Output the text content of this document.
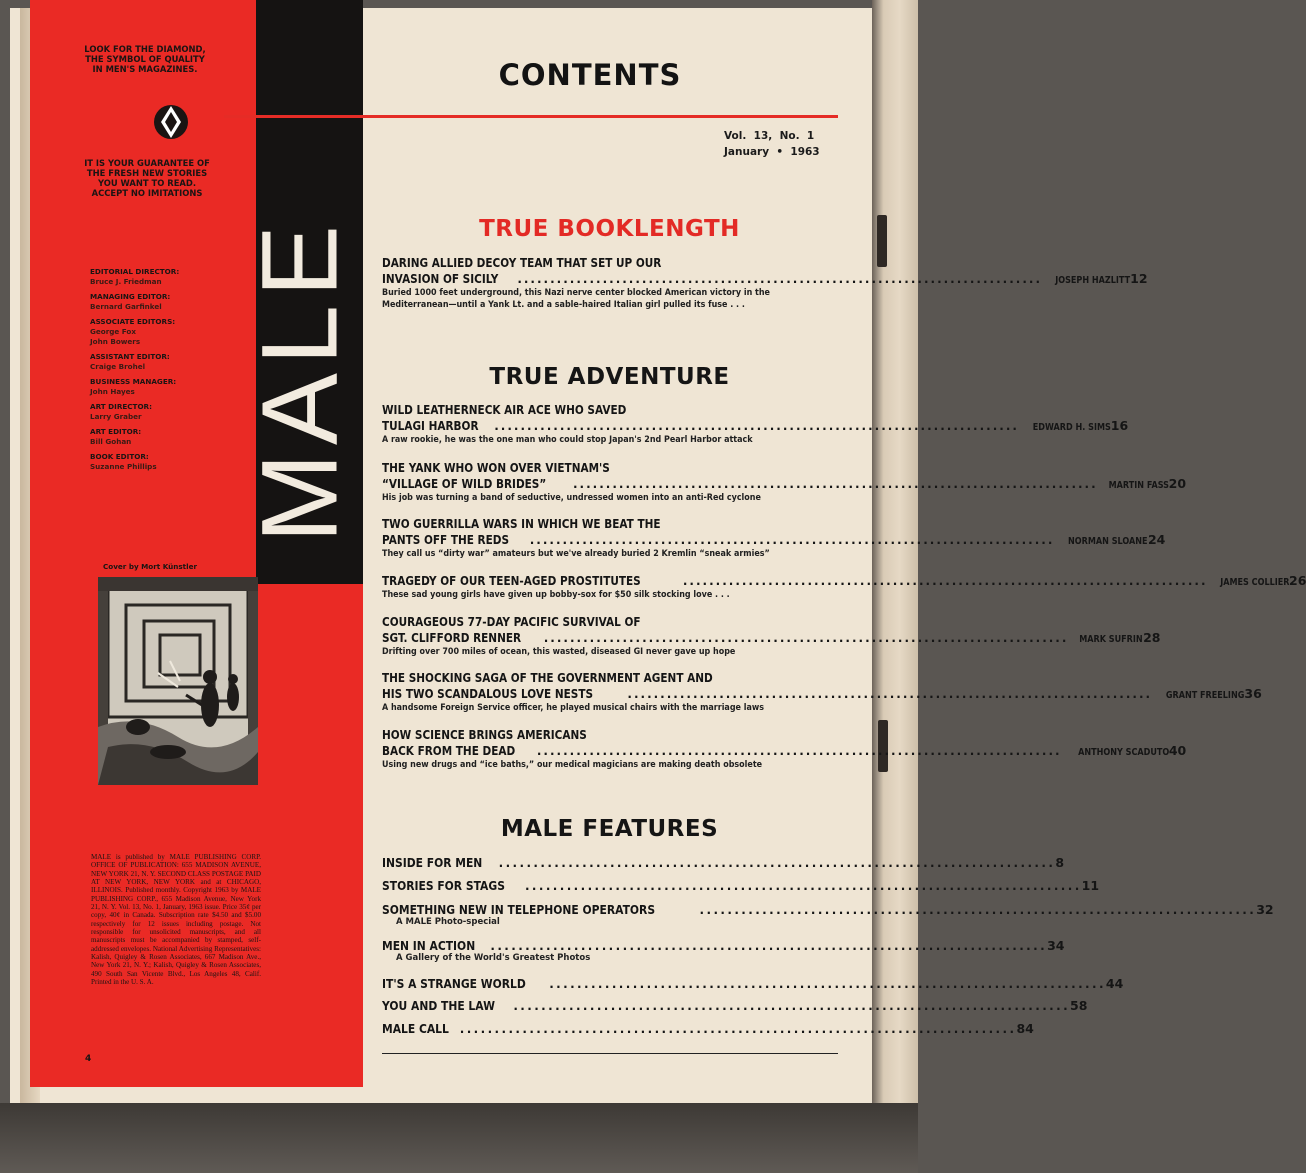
LOOK FOR THE DIAMOND,
THE SYMBOL OF QUALITY
IN MEN'S MAGAZINES.
IT IS YOUR GUARANTEE OF
THE FRESH NEW STORIES
YOU WANT TO READ.
ACCEPT NO IMITATIONS
MALE
EDITORIAL DIRECTOR:
Bruce J. Friedman
MANAGING EDITOR:
Bernard Garfinkel
ASSOCIATE EDITORS:
George Fox
John Bowers
ASSISTANT EDITOR:
Craige Brohel
BUSINESS MANAGER:
John Hayes
ART DIRECTOR:
Larry Graber
ART EDITOR:
Bill Gohan
BOOK EDITOR:
Suzanne Phillips
Cover by Mort Künstler
MALE is published by MALE PUBLISHING CORP. OFFICE OF PUBLICATION: 655 MADISON AVENUE, NEW YORK 21, N. Y. SECOND CLASS POSTAGE PAID AT NEW YORK, NEW YORK and at CHICAGO, ILLINOIS. Published monthly. Copyright 1963 by MALE PUBLISHING CORP., 655 Madison Avenue, New York 21, N. Y. Vol. 13, No. 1, January, 1963 issue. Price 35¢ per copy, 40¢ in Canada. Subscription rate $4.50 and $5.00 respectively for 12 issues including postage. Not responsible for unsolicited manuscripts, and all manuscripts must be accompanied by stamped, self-addressed envelopes. National Advertising Representatives: Kalish, Quigley & Rosen Associates, 667 Madison Ave., New York 21, N. Y.; Kalish, Quigley & Rosen Associates, 490 South San Vicente Blvd., Los Angeles 48, Calif. Printed in the U. S. A.
4
CONTENTS
Vol.  13,  No.  1
January  •  1963
TRUE BOOKLENGTH
DARING ALLIED DECOY TEAM THAT SET UP OUR
INVASION OF SICILY ................................................................................ JOSEPH HAZLITT 12
Buried 1000 feet underground, this Nazi nerve center blocked American victory in the
Mediterranean—until a Yank Lt. and a sable-haired Italian girl pulled its fuse . . .
TRUE ADVENTURE
WILD LEATHERNECK AIR ACE WHO SAVED
TULAGI HARBOR ................................................................................ EDWARD H. SIMS 16
A raw rookie, he was the one man who could stop Japan's 2nd Pearl Harbor attack
THE YANK WHO WON OVER VIETNAM'S
“VILLAGE OF WILD BRIDES” ................................................................................ MARTIN FASS 20
His job was turning a band of seductive, undressed women into an anti-Red cyclone
TWO GUERRILLA WARS IN WHICH WE BEAT THE
PANTS OFF THE REDS ................................................................................ NORMAN SLOANE 24
They call us “dirty war” amateurs but we've already buried 2 Kremlin “sneak armies”
TRAGEDY OF OUR TEEN-AGED PROSTITUTES	................................................................................ JAMES COLLIER 26
These sad young girls have given up bobby-sox for $50 silk stocking love . . .
COURAGEOUS 77-DAY PACIFIC SURVIVAL OF
SGT. CLIFFORD RENNER ................................................................................ MARK SUFRIN 28
Drifting over 700 miles of ocean, this wasted, diseased GI never gave up hope
THE SHOCKING SAGA OF THE GOVERNMENT AGENT AND
HIS TWO SCANDALOUS LOVE NESTS	................................................................................ GRANT FREELING 36
A handsome Foreign Service officer, he played musical chairs with the marriage laws
HOW SCIENCE BRINGS AMERICANS
BACK FROM THE DEAD ................................................................................ ANTHONY SCADUTO 40
Using new drugs and “ice baths,” our medical magicians are making death obsolete
MALE FEATURES
INSIDE FOR MEN ................................................................................ 8
STORIES FOR STAGS ................................................................................ 11
SOMETHING NEW IN TELEPHONE OPERATORS	................................................................................ 32
A MALE Photo-special
MEN IN ACTION ................................................................................ 34
A Gallery of the World's Greatest Photos
IT'S A STRANGE WORLD ................................................................................ 44
YOU AND THE LAW ................................................................................ 58
MALE CALL ................................................................................ 84
